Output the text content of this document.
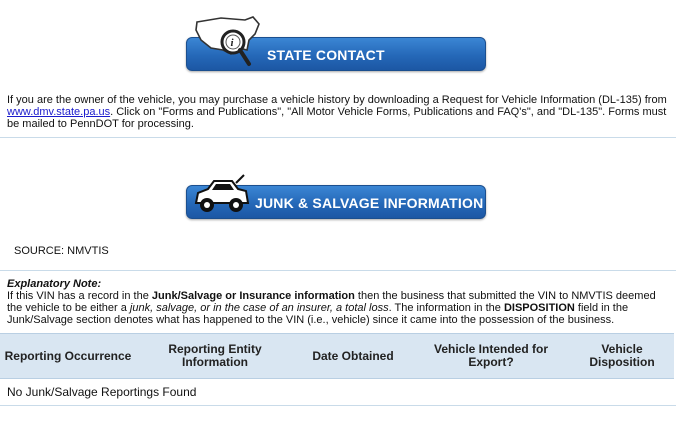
STATE CONTACT INFORMATION
i
If you are the owner of the vehicle, you may purchase a vehicle history by downloading a Request for Vehicle Information (DL-135) from
www.dmv.state.pa.us. Click on "Forms and Publications", "All Motor Vehicle Forms, Publications and FAQ's", and "DL-135". Forms must be mailed to PennDOT for processing.
JUNK & SALVAGE INFORMATION
SOURCE: NMVTIS
Explanatory Note:
If this VIN has a record in the Junk/Salvage or Insurance information then the business that submitted the VIN to NMVTIS deemed the vehicle to be either a junk, salvage, or in the case of an insurer, a total loss. The information in the DISPOSITION field in the Junk/Salvage section denotes what has happened to the VIN (i.e., vehicle) since it came into the possession of the business.
Reporting Occurrence	Reporting Entity Information	Date Obtained	Vehicle Intended for Export?	Vehicle Disposition
No Junk/Salvage Reportings Found
